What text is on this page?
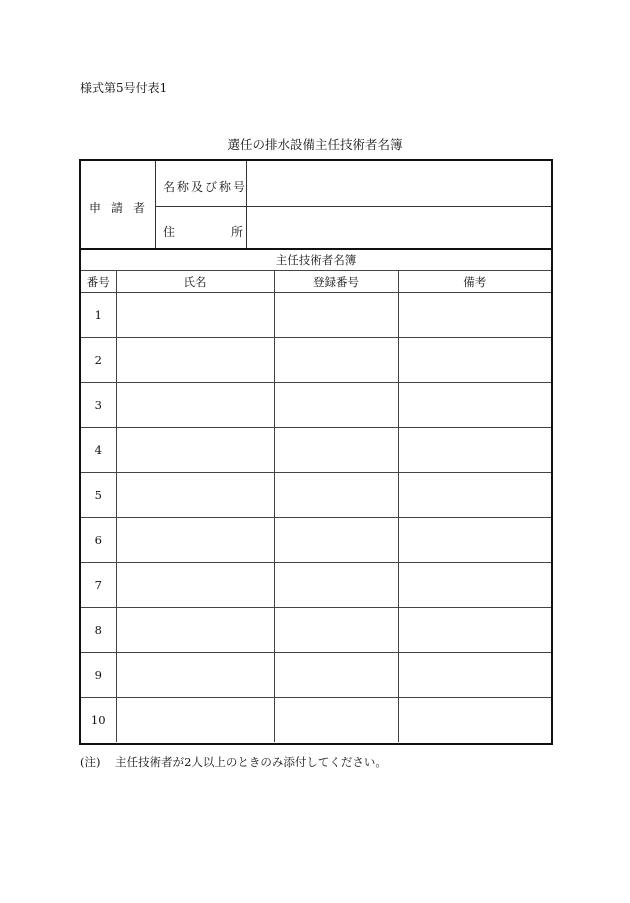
様式第5号付表1
選任の排水設備主任技術者名簿
申請者
名称及び称号
住	所
主任技術者名簿			
番号	氏名	登録番号	備考
1			
2			
3			
4			
5			
6			
7			
8			
9			
10			
(注) 主任技術者が2人以上のときのみ添付してください。
